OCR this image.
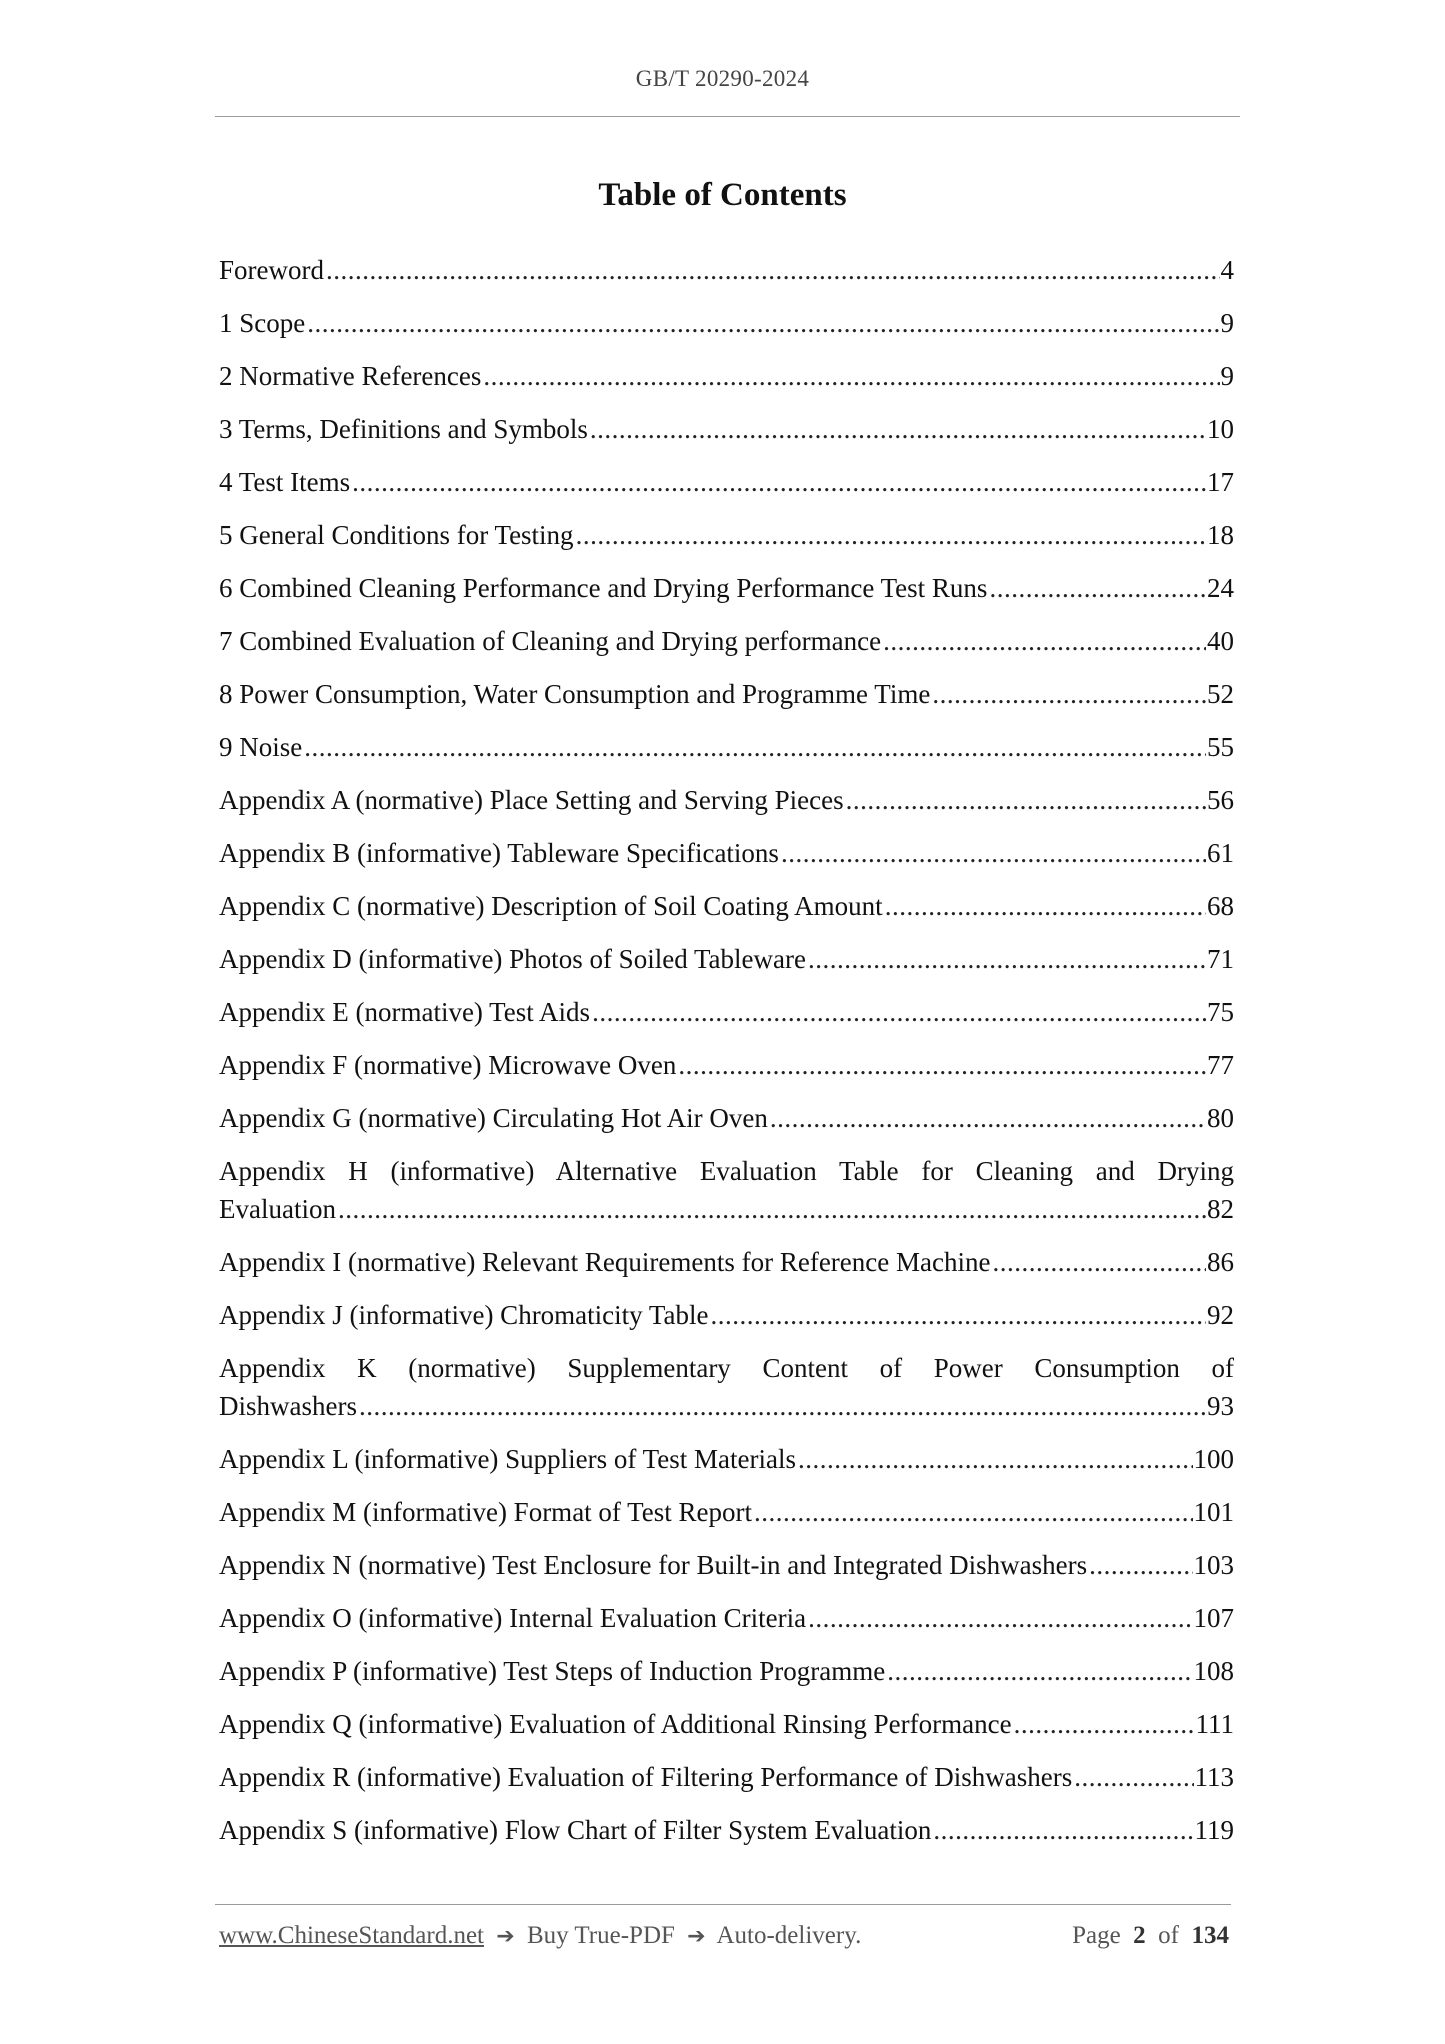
GB/T 20290-2024
Table of Contents
Foreword .....	4
1 Scope .....	9
2 Normative References .....	9
3 Terms, Definitions and Symbols .....	10
4 Test Items .....	17
5 General Conditions for Testing .....	18
6 Combined Cleaning Performance and Drying Performance Test Runs .....	24
7 Combined Evaluation of Cleaning and Drying performance .....	40
8 Power Consumption, Water Consumption and Programme Time .....	52
9 Noise .....	55
Appendix A (normative) Place Setting and Serving Pieces .....	56
Appendix B (informative) Tableware Specifications .....	61
Appendix C (normative) Description of Soil Coating Amount .....	68
Appendix D (informative) Photos of Soiled Tableware .....	71
Appendix E (normative) Test Aids .....	75
Appendix F (normative) Microwave Oven .....	77
Appendix G (normative) Circulating Hot Air Oven .....	80
Appendix H (informative) Alternative Evaluation Table for Cleaning and Drying
Evaluation .....	82
Appendix I (normative) Relevant Requirements for Reference Machine .....	86
Appendix J (informative) Chromaticity Table .....	92
Appendix K (normative) Supplementary Content of Power Consumption of
Dishwashers .....	93
Appendix L (informative) Suppliers of Test Materials .....	100
Appendix M (informative) Format of Test Report .....	101
Appendix N (normative) Test Enclosure for Built-in and Integrated Dishwashers .....	103
Appendix O (informative) Internal Evaluation Criteria .....	107
Appendix P (informative) Test Steps of Induction Programme .....	108
Appendix Q (informative) Evaluation of Additional Rinsing Performance .....	111
Appendix R (informative) Evaluation of Filtering Performance of Dishwashers .....	113
Appendix S (informative) Flow Chart of Filter System Evaluation .....	119
www.ChineseStandard.net ➔ Buy True-PDF ➔ Auto-delivery.	Page 2 of 134
